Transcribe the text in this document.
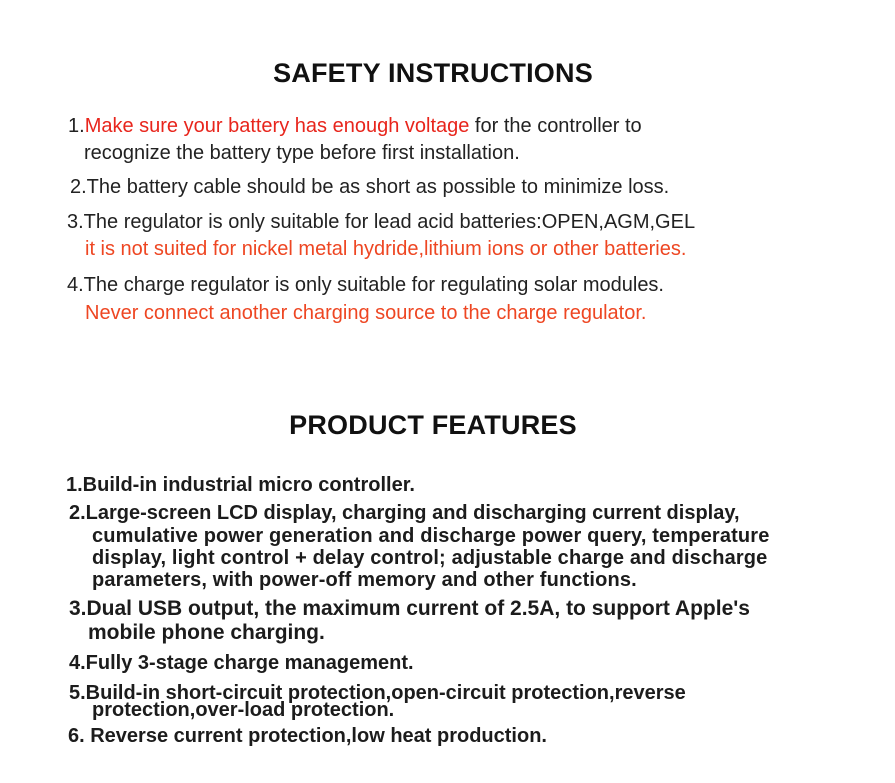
SAFETY INSTRUCTIONS
1.Make sure your battery has enough voltage for the controller to
recognize the battery type before first installation.
2.The battery cable should be as short as possible to minimize loss.
3.The regulator is only suitable for lead acid batteries:OPEN,AGM,GEL
it is not suited for nickel metal hydride,lithium ions or other batteries.
4.The charge regulator is only suitable for regulating solar modules.
Never connect another charging source to the charge regulator.
PRODUCT FEATURES
1.Build-in industrial micro controller.
2.Large-screen LCD display, charging and discharging current display,
cumulative power generation and discharge power query, temperature
display, light control + delay control; adjustable charge and discharge
parameters, with power-off memory and other functions.
3.Dual USB output, the maximum current of 2.5A, to support Apple's
mobile phone charging.
4.Fully 3-stage charge management.
5.Build-in short-circuit protection,open-circuit protection,reverse
protection,over-load protection.
6. Reverse current protection,low heat production.
